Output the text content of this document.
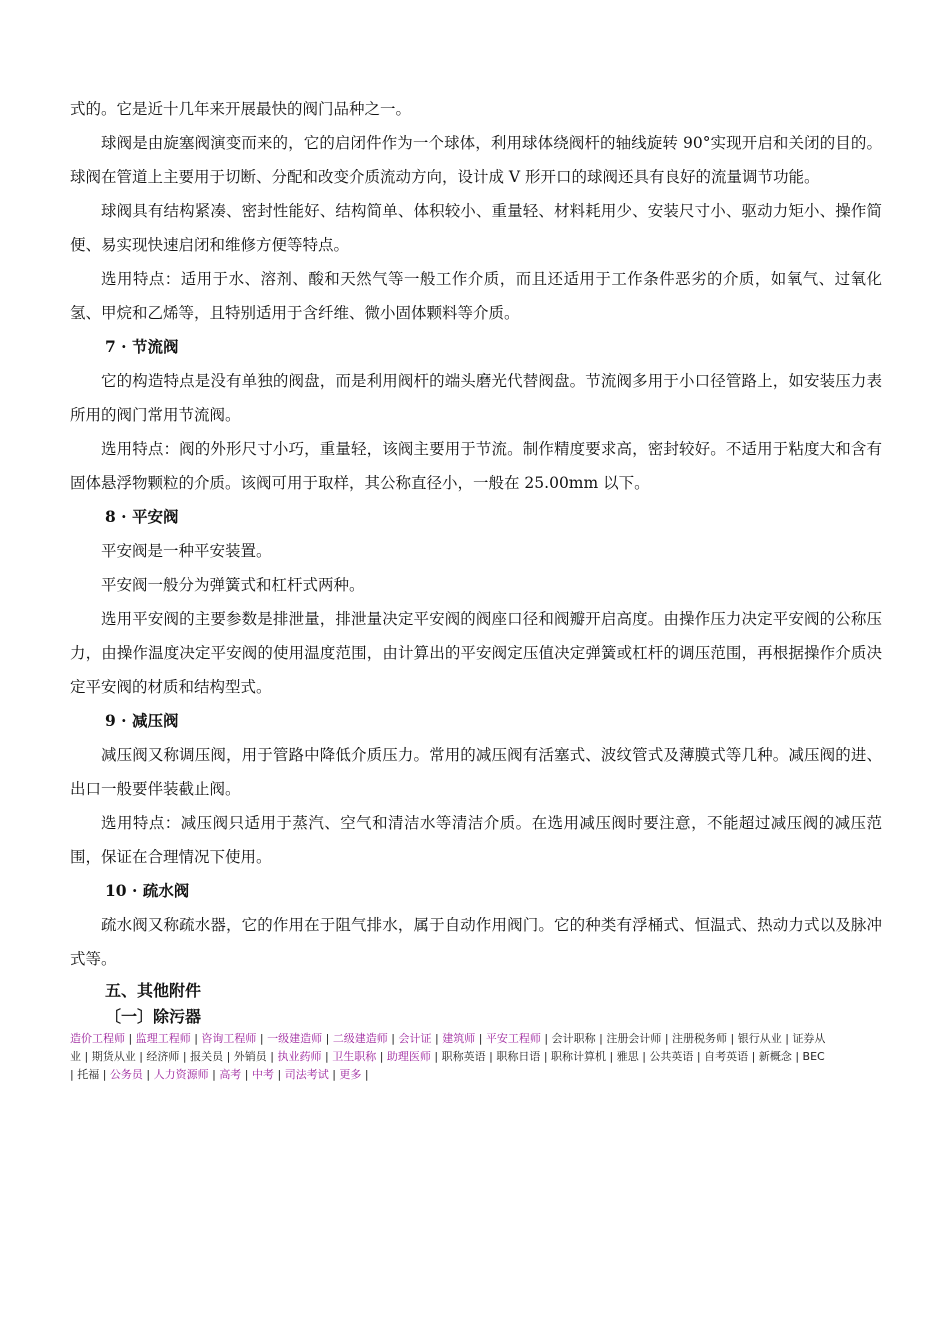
式的。它是近十几年来开展最快的阀门品种之一。

球阀是由旋塞阀演变而来的，它的启闭件作为一个球体，利用球体绕阀杆的轴线旋转 90°实现开启和关闭的目的。球阀在管道上主要用于切断、分配和改变介质流动方向，设计成 V 形开口的球阀还具有良好的流量调节功能。

球阀具有结构紧凑、密封性能好、结构简单、体积较小、重量轻、材料耗用少、安装尺寸小、驱动力矩小、操作简便、易实现快速启闭和维修方便等特点。

选用特点：适用于水、溶剂、酸和天然气等一般工作介质，而且还适用于工作条件恶劣的介质，如氧气、过氧化氢、甲烷和乙烯等，且特别适用于含纤维、微小固体颗料等介质。

7 · 节流阀

它的构造特点是没有单独的阀盘，而是利用阀杆的端头磨光代替阀盘。节流阀多用于小口径管路上，如安装压力表所用的阀门常用节流阀。

选用特点：阀的外形尺寸小巧，重量轻，该阀主要用于节流。制作精度要求高，密封较好。不适用于粘度大和含有固体悬浮物颗粒的介质。该阀可用于取样，其公称直径小，一般在 25.00mm 以下。

8 · 平安阀

平安阀是一种平安装置。

平安阀一般分为弹簧式和杠杆式两种。

选用平安阀的主要参数是排泄量，排泄量决定平安阀的阀座口径和阀瓣开启高度。由操作压力决定平安阀的公称压力，由操作温度决定平安阀的使用温度范围，由计算出的平安阀定压值决定弹簧或杠杆的调压范围，再根据操作介质决定平安阀的材质和结构型式。

9 · 减压阀

减压阀又称调压阀，用于管路中降低介质压力。常用的减压阀有活塞式、波纹管式及薄膜式等几种。减压阀的进、出口一般要伴装截止阀。

选用特点：减压阀只适用于蒸汽、空气和清洁水等清洁介质。在选用减压阀时要注意，不能超过减压阀的减压范围，保证在合理情况下使用。

10 · 疏水阀

疏水阀又称疏水器，它的作用在于阻气排水，属于自动作用阀门。它的种类有浮桶式、恒温式、热动力式以及脉冲式等。

五、其他附件

〔一〕除污器

造价工程师 | 监理工程师 | 咨询工程师 | 一级建造师 | 二级建造师 | 会计证 | 建筑师 | 平安工程师 | 会计职称 | 注册会计师 | 注册税务师 | 银行从业 | 证券从业 | 期货从业 | 经济师 | 报关员 | 外销员 | 执业药师 | 卫生职称 | 助理医师 | 职称英语 | 职称日语 | 职称计算机 | 雅思 | 公共英语 | 自考英语 | 新概念 | BEC | 托福 | 公务员 | 人力资源师 | 高考 | 中考 | 司法考试 | 更多 |
